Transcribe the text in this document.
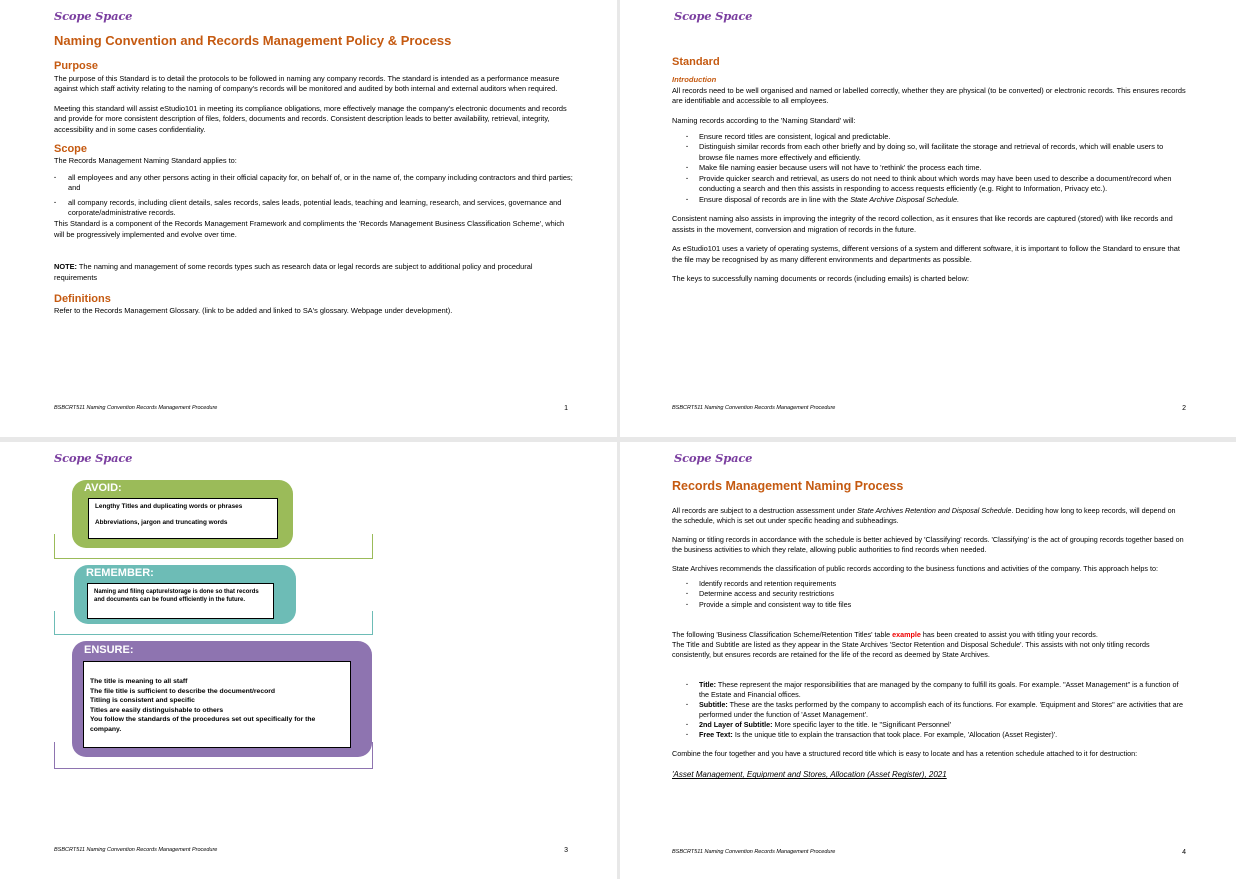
Scope Space
Naming Convention and Records Management Policy & Process
Purpose
The purpose of this Standard is to detail the protocols to be followed in naming any company records. The standard is intended as a performance measure against which staff activity relating to the naming of company's records will be monitored and audited by both internal and external auditors when required.
Meeting this standard will assist eStudio101 in meeting its compliance obligations, more effectively manage the company's electronic documents and records and provide for more consistent description of files, folders, documents and records. Consistent description leads to better availability, retrieval, integrity, accessibility and in some cases confidentiality.
Scope
The Records Management Naming Standard applies to:
· all employees and any other persons acting in their official capacity for, on behalf of, or in the name of, the company including contractors and third parties; and
· all company records, including client details, sales records, sales leads, potential leads, teaching and learning, research, and services, governance and corporate/administrative records.
This Standard is a component of the Records Management Framework and compliments the 'Records Management Business Classification Scheme', which will be progressively implemented and evolve over time.
NOTE: The naming and management of some records types such as research data or legal records are subject to additional policy and procedural requirements
Definitions
Refer to the Records Management Glossary. (link to be added and linked to SA's glossary. Webpage under development).
BSBCRT511 Naming Convention Records Management Procedure	1
Scope Space
Standard
Introduction
All records need to be well organised and named or labelled correctly, whether they are physical (to be converted) or electronic records. This ensures records are identifiable and accessible to all employees.
Naming records according to the 'Naming Standard' will:
· Ensure record titles are consistent, logical and predictable.
· Distinguish similar records from each other briefly and by doing so, will facilitate the storage and retrieval of records, which will enable users to browse file names more effectively and efficiently.
· Make file naming easier because users will not have to 'rethink' the process each time.
· Provide quicker search and retrieval, as users do not need to think about which words may have been used to describe a document/record when conducting a search and then this assists in responding to access requests efficiently (e.g. Right to Information, Privacy etc.).
· Ensure disposal of records are in line with the State Archive Disposal Schedule.
Consistent naming also assists in improving the integrity of the record collection, as it ensures that like records are captured (stored) with like records and assists in the movement, conversion and migration of records in the future.
As eStudio101 uses a variety of operating systems, different versions of a system and different software, it is important to follow the Standard to ensure that the file may be recognised by as many different environments and departments as possible.
The keys to successfully naming documents or records (including emails) is charted below:
BSBCRT511 Naming Convention Records Management Procedure	2
Scope Space
AVOID:
Lengthy Titles and duplicating words or phrases
Abbreviations, jargon and truncating words
REMEMBER:
Naming and filing capture/storage is done so that records and documents can be found efficiently in the future.
ENSURE:
The title is meaning to all staff
The file title is sufficient to describe the document/record
Titling is consistent and specific
Titles are easily distinguishable to others
You follow the standards of the procedures set out specifically for the company.
BSBCRT511 Naming Convention Records Management Procedure	3
Scope Space
Records Management Naming Process
All records are subject to a destruction assessment under State Archives Retention and Disposal Schedule. Deciding how long to keep records, will depend on the schedule, which is set out under specific heading and subheadings.
Naming or titling records in accordance with the schedule is better achieved by 'Classifying' records. 'Classifying' is the act of grouping records together based on the business activities to which they relate, allowing public authorities to find records when needed.
State Archives recommends the classification of public records according to the business functions and activities of the company. This approach helps to:
· Identify records and retention requirements
· Determine access and security restrictions
· Provide a simple and consistent way to title files
The following 'Business Classification Scheme/Retention Titles' table example has been created to assist you with titling your records.
The Title and Subtitle are listed as they appear in the State Archives 'Sector Retention and Disposal Schedule'. This assists with not only titling records consistently, but ensures records are retained for the life of the record as deemed by State Archives.
· Title: These represent the major responsibilities that are managed by the company to fulfill its goals. For example. "Asset Management" is a function of the Estate and Financial offices.
· Subtitle: These are the tasks performed by the company to accomplish each of its functions. For example. 'Equipment and Stores" are activities that are performed under the function of 'Asset Management'.
· 2nd Layer of Subtitle: More specific layer to the title. Ie "Significant Personnel'
· Free Text: Is the unique title to explain the transaction that took place. For example, 'Allocation (Asset Register)'.
Combine the four together and you have a structured record title which is easy to locate and has a retention schedule attached to it for destruction:
'Asset Management, Equipment and Stores, Allocation (Asset Register), 2021
BSBCRT511 Naming Convention Records Management Procedure	4
